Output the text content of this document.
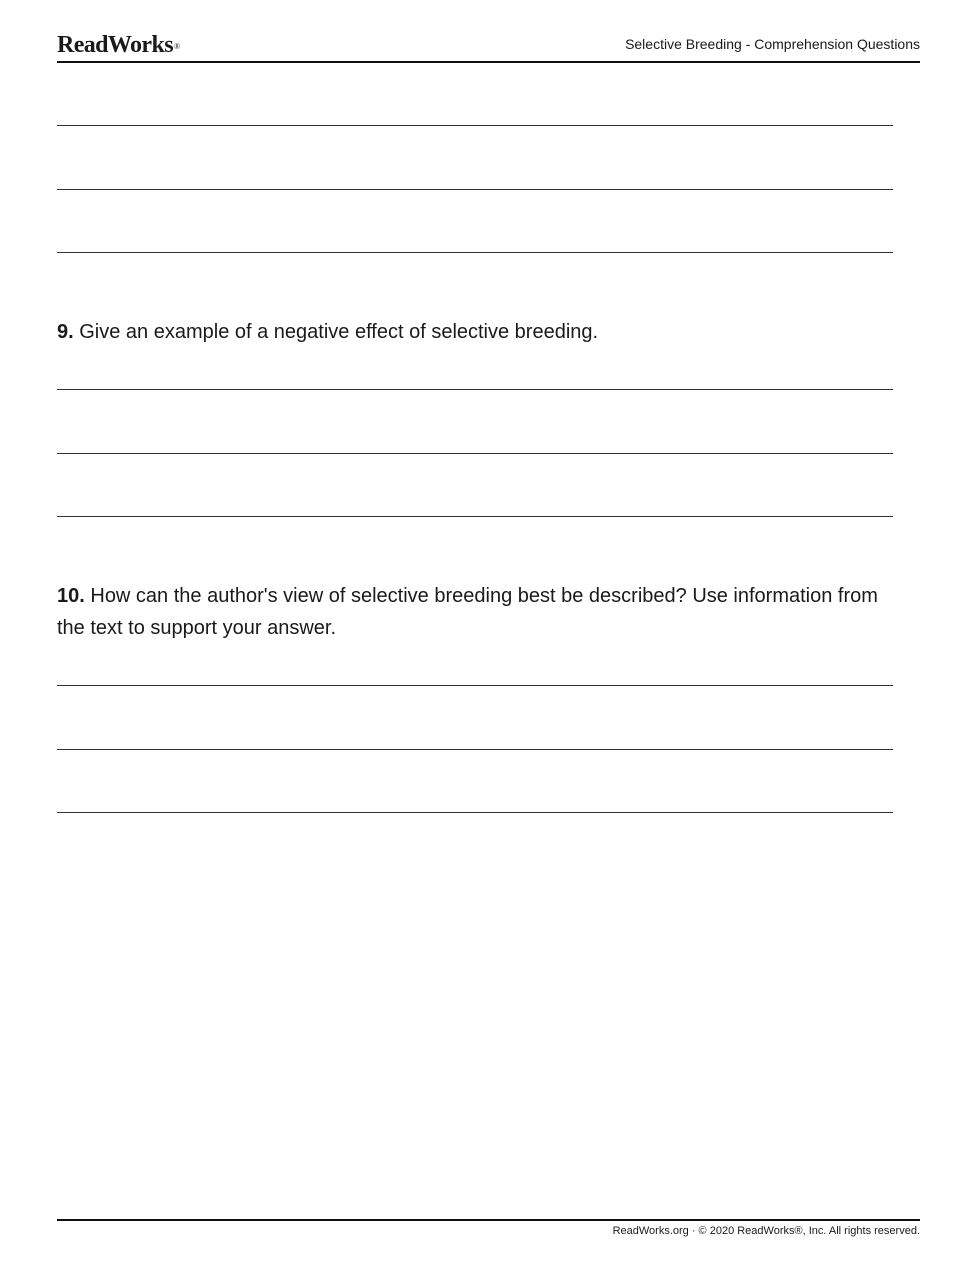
ReadWorks®	Selective Breeding - Comprehension Questions
9. Give an example of a negative effect of selective breeding.
10. How can the author's view of selective breeding best be described? Use information from the text to support your answer.
ReadWorks.org · © 2020 ReadWorks®, Inc. All rights reserved.
